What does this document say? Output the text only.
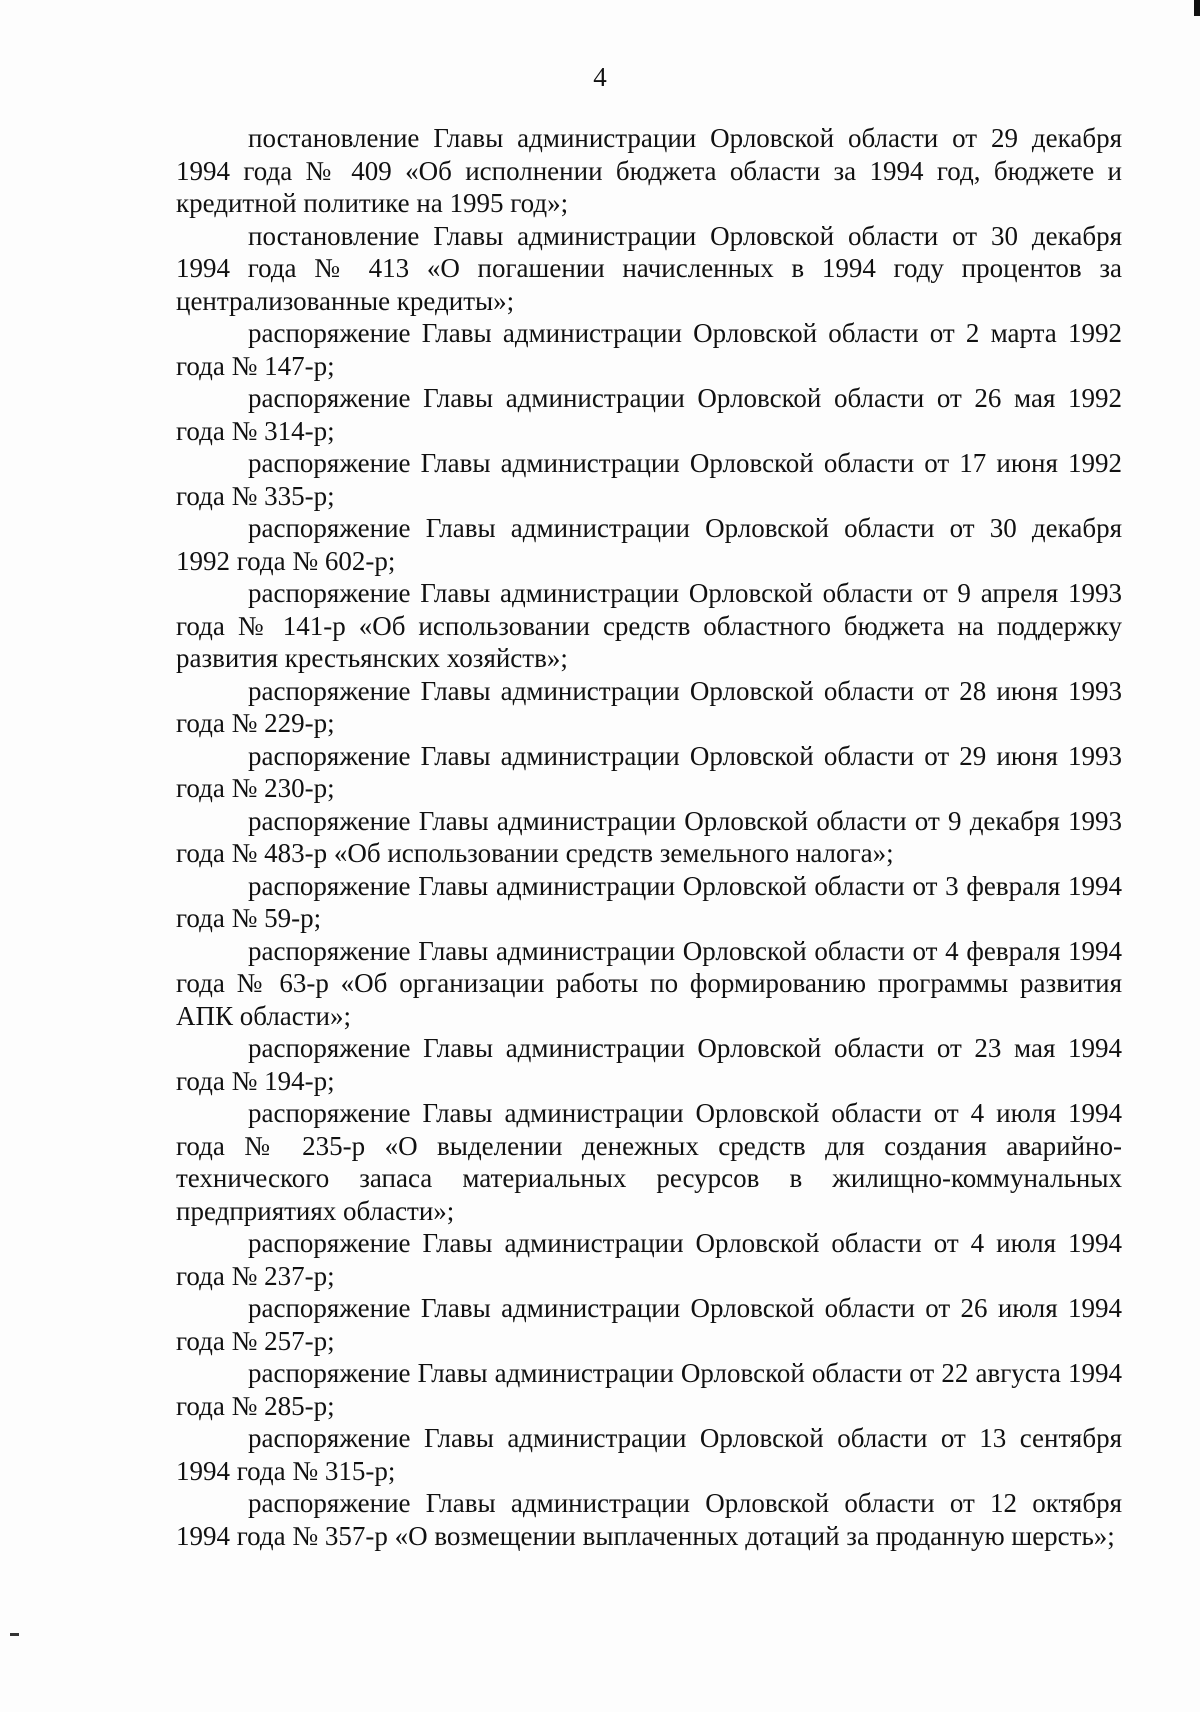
4

постановление Главы администрации Орловской области от 29 декабря 1994 года № 409 «Об исполнении бюджета области за 1994 год, бюджете и кредитной политике на 1995 год»;

постановление Главы администрации Орловской области от 30 декабря 1994 года № 413 «О погашении начисленных в 1994 году процентов за централизованные кредиты»;

распоряжение Главы администрации Орловской области от 2 марта 1992 года № 147-р;

распоряжение Главы администрации Орловской области от 26 мая 1992 года № 314-р;

распоряжение Главы администрации Орловской области от 17 июня 1992 года № 335-р;

распоряжение Главы администрации Орловской области от 30 декабря 1992 года № 602-р;

распоряжение Главы администрации Орловской области от 9 апреля 1993 года № 141-р «Об использовании средств областного бюджета на поддержку развития крестьянских хозяйств»;

распоряжение Главы администрации Орловской области от 28 июня 1993 года № 229-р;

распоряжение Главы администрации Орловской области от 29 июня 1993 года № 230-р;

распоряжение Главы администрации Орловской области от 9 декабря 1993 года № 483-р «Об использовании средств земельного налога»;

распоряжение Главы администрации Орловской области от 3 февраля 1994 года № 59-р;

распоряжение Главы администрации Орловской области от 4 февраля 1994 года № 63-р «Об организации работы по формированию программы развития АПК области»;

распоряжение Главы администрации Орловской области от 23 мая 1994 года № 194-р;

распоряжение Главы администрации Орловской области от 4 июля 1994 года № 235-р «О выделении денежных средств для создания аварийно-технического запаса материальных ресурсов в жилищно-коммунальных предприятиях области»;

распоряжение Главы администрации Орловской области от 4 июля 1994 года № 237-р;

распоряжение Главы администрации Орловской области от 26 июля 1994 года № 257-р;

распоряжение Главы администрации Орловской области от 22 августа 1994 года № 285-р;

распоряжение Главы администрации Орловской области от 13 сентября 1994 года № 315-р;

распоряжение Главы администрации Орловской области от 12 октября 1994 года № 357-р «О возмещении выплаченных дотаций за проданную шерсть»;
